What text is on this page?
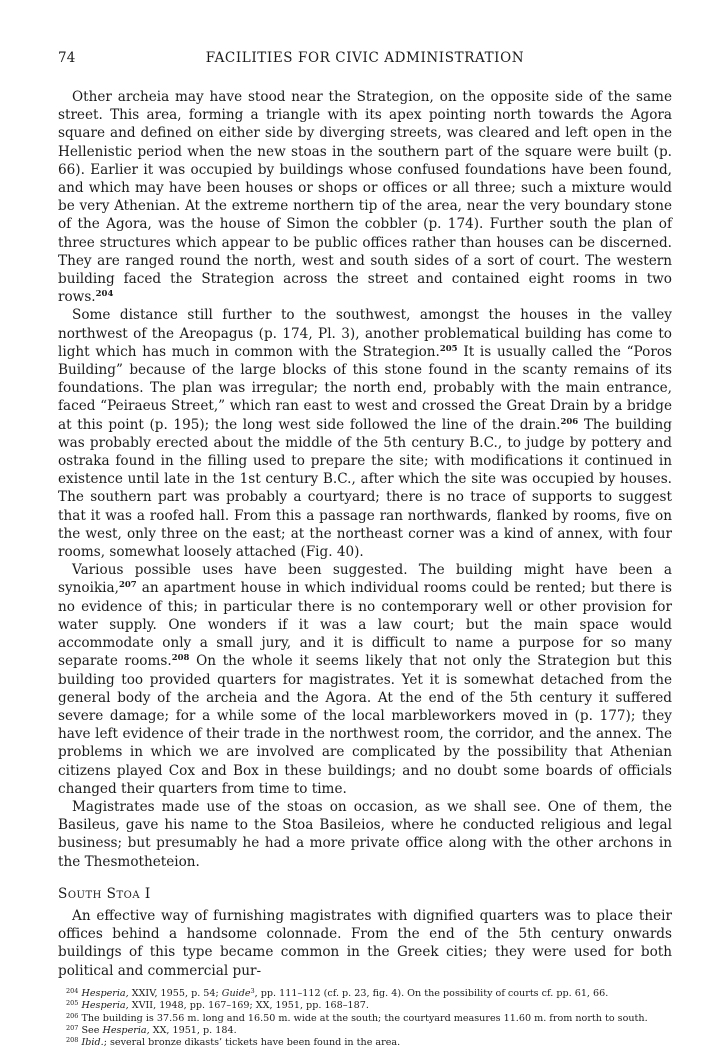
74	FACILITIES FOR CIVIC ADMINISTRATION

Other archeia may have stood near the Strategion, on the opposite side of the same street. This area, forming a triangle with its apex pointing north towards the Agora square and defined on either side by diverging streets, was cleared and left open in the Hellenistic period when the new stoas in the southern part of the square were built (p. 66). Earlier it was occupied by buildings whose confused foundations have been found, and which may have been houses or shops or offices or all three; such a mixture would be very Athenian. At the extreme northern tip of the area, near the very boundary stone of the Agora, was the house of Simon the cobbler (p. 174). Further south the plan of three structures which appear to be public offices rather than houses can be discerned. They are ranged round the north, west and south sides of a sort of court. The western building faced the Strategion across the street and contained eight rooms in two rows.$^{204}$

Some distance still further to the southwest, amongst the houses in the valley northwest of the Areopagus (p. 174, Pl. 3), another problematical building has come to light which has much in common with the Strategion.$^{205}$ It is usually called the “Poros Building” because of the large blocks of this stone found in the scanty remains of its foundations. The plan was irregular; the north end, probably with the main entrance, faced “Peiraeus Street,” which ran east to west and crossed the Great Drain by a bridge at this point (p. 195); the long west side followed the line of the drain.$^{206}$ The building was probably erected about the middle of the 5th century B.C., to judge by pottery and ostraka found in the filling used to prepare the site; with modifications it continued in existence until late in the 1st century B.C., after which the site was occupied by houses. The southern part was probably a courtyard; there is no trace of supports to suggest that it was a roofed hall. From this a passage ran northwards, flanked by rooms, five on the west, only three on the east; at the northeast corner was a kind of annex, with four rooms, somewhat loosely attached (Fig. 40).

Various possible uses have been suggested. The building might have been a synoikia,$^{207}$ an apartment house in which individual rooms could be rented; but there is no evidence of this; in particular there is no contemporary well or other provision for water supply. One wonders if it was a law court; but the main space would accommodate only a small jury, and it is difficult to name a purpose for so many separate rooms.$^{208}$ On the whole it seems likely that not only the Strategion but this building too provided quarters for magistrates. Yet it is somewhat detached from the general body of the archeia and the Agora. At the end of the 5th century it suffered severe damage; for a while some of the local marbleworkers moved in (p. 177); they have left evidence of their trade in the northwest room, the corridor, and the annex. The problems in which we are involved are complicated by the possibility that Athenian citizens played Cox and Box in these buildings; and no doubt some boards of officials changed their quarters from time to time.

Magistrates made use of the stoas on occasion, as we shall see. One of them, the Basileus, gave his name to the Stoa Basileios, where he conducted religious and legal business; but presumably he had a more private office along with the other archons in the Thesmotheteion.

South Stoa I

An effective way of furnishing magistrates with dignified quarters was to place their offices behind a handsome colonnade. From the end of the 5th century onwards buildings of this type became common in the Greek cities; they were used for both political and commercial pur-

$^{204}$ Hesperia, XXIV, 1955, p. 54; Guide$^3$, pp. 111–112 (cf. p. 23, fig. 4). On the possibility of courts cf. pp. 61, 66.
$^{205}$ Hesperia, XVII, 1948, pp. 167–169; XX, 1951, pp. 168–187.
$^{206}$ The building is 37.56 m. long and 16.50 m. wide at the south; the courtyard measures 11.60 m. from north to south.
$^{207}$ See Hesperia, XX, 1951, p. 184.
$^{208}$ Ibid.; several bronze dikasts’ tickets have been found in the area.
